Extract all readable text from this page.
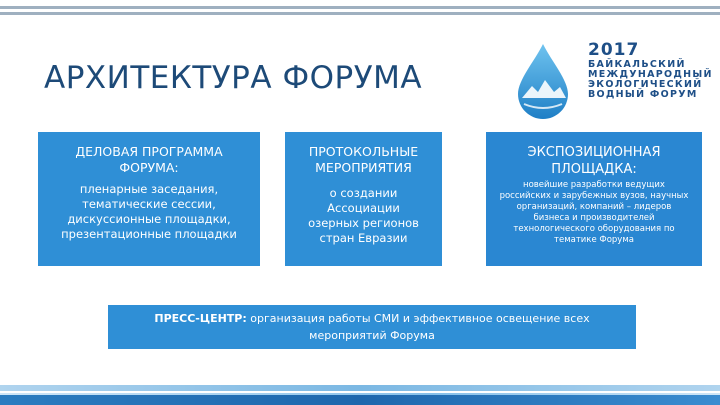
АРХИТЕКТУРА ФОРУМА
2017
БАЙКАЛЬСКИЙ
МЕЖДУНАРОДНЫЙ
ЭКОЛОГИЧЕСКИЙ
ВОДНЫЙ ФОРУМ
ДЕЛОВАЯ ПРОГРАММА
ФОРУМА:
пленарные заседания,
тематические сессии,
дискуссионные площадки,
презентационные площадки
ПРОТОКОЛЬНЫЕ
МЕРОПРИЯТИЯ
о создании
Ассоциации
озерных регионов
стран Евразии
ЭКСПОЗИЦИОННАЯ
ПЛОЩАДКА:
новейшие разработки ведущих
российских и зарубежных вузов, научных
организаций, компаний – лидеров
бизнеса и производителей
технологического оборудования по
тематике Форума
ПРЕСС-ЦЕНТР: организация работы СМИ и эффективное освещение всех
мероприятий Форума
